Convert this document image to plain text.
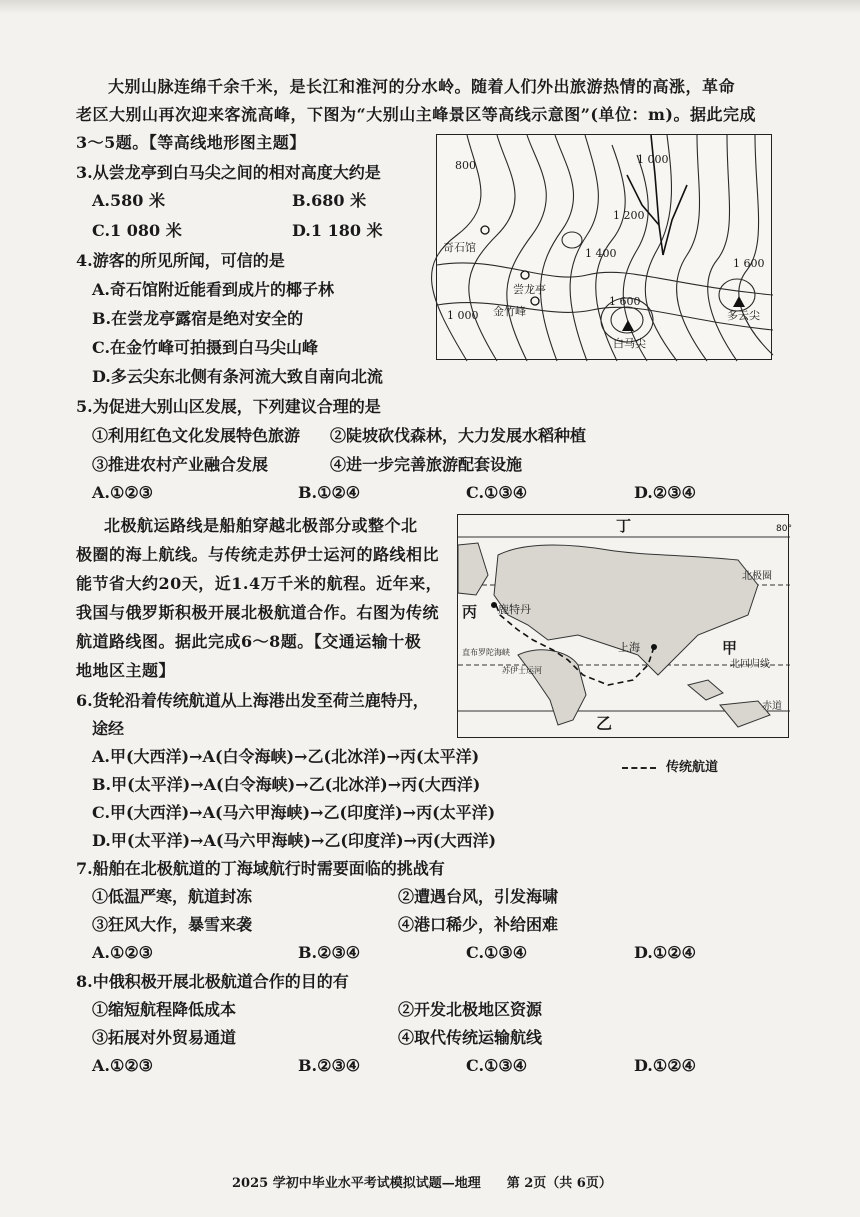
大别山脉连绵千余千米，是长江和淮河的分水岭。随着人们外出旅游热情的高涨，革命
老区大别山再次迎来客流高峰，下图为“大别山主峰景区等高线示意图”(单位：m)。据此完成
3～5题。【等高线地形图主题】
3.从尝龙亭到白马尖之间的相对高度大约是
A.580 米	B.680 米
C.1 080 米	D.1 180 米
4.游客的所见所闻，可信的是
A.奇石馆附近能看到成片的椰子林
B.在尝龙亭露宿是绝对安全的
C.在金竹峰可拍摄到白马尖山峰
D.多云尖东北侧有条河流大致自南向北流
800	1 000
1 200
1 400
1 600
1 600
1 000
奇石馆
尝龙亭
金竹峰
白马尖
多云尖
5.为促进大别山区发展，下列建议合理的是
①利用红色文化发展特色旅游 ②陡坡砍伐森林，大力发展水稻种植
③推进农村产业融合发展	④进一步完善旅游配套设施
A.①②③	B.①②④	C.①③④	D.②③④
北极航运路线是船舶穿越北极部分或整个北
极圈的海上航线。与传统走苏伊士运河的路线相比
能节省大约20天，近1.4万千米的航程。近年来，
我国与俄罗斯积极开展北极航道合作。右图为传统
航道路线图。据此完成6～8题。【交通运输十极
地地区主题】
80°
丁
北极圈
丙 鹿特丹
上海	甲
北回归线
直布罗陀海峡
苏伊士运河
乙
赤道
传统航道
6.货轮沿着传统航道从上海港出发至荷兰鹿特丹，
途经
A.甲(大西洋)→A(白令海峡)→乙(北冰洋)→丙(太平洋)
B.甲(太平洋)→A(白令海峡)→乙(北冰洋)→丙(大西洋)
C.甲(大西洋)→A(马六甲海峡)→乙(印度洋)→丙(太平洋)
D.甲(太平洋)→A(马六甲海峡)→乙(印度洋)→丙(大西洋)
7.船舶在北极航道的丁海域航行时需要面临的挑战有
①低温严寒，航道封冻	②遭遇台风，引发海啸
③狂风大作，暴雪来袭	④港口稀少，补给困难
A.①②③	B.②③④	C.①③④	D.①②④
8.中俄积极开展北极航道合作的目的有
①缩短航程降低成本	②开发北极地区资源
③拓展对外贸易通道	④取代传统运输航线
A.①②③	B.②③④	C.①③④	D.①②④
2025 学初中毕业水平考试模拟试题—地理　　第 2页（共 6页）
